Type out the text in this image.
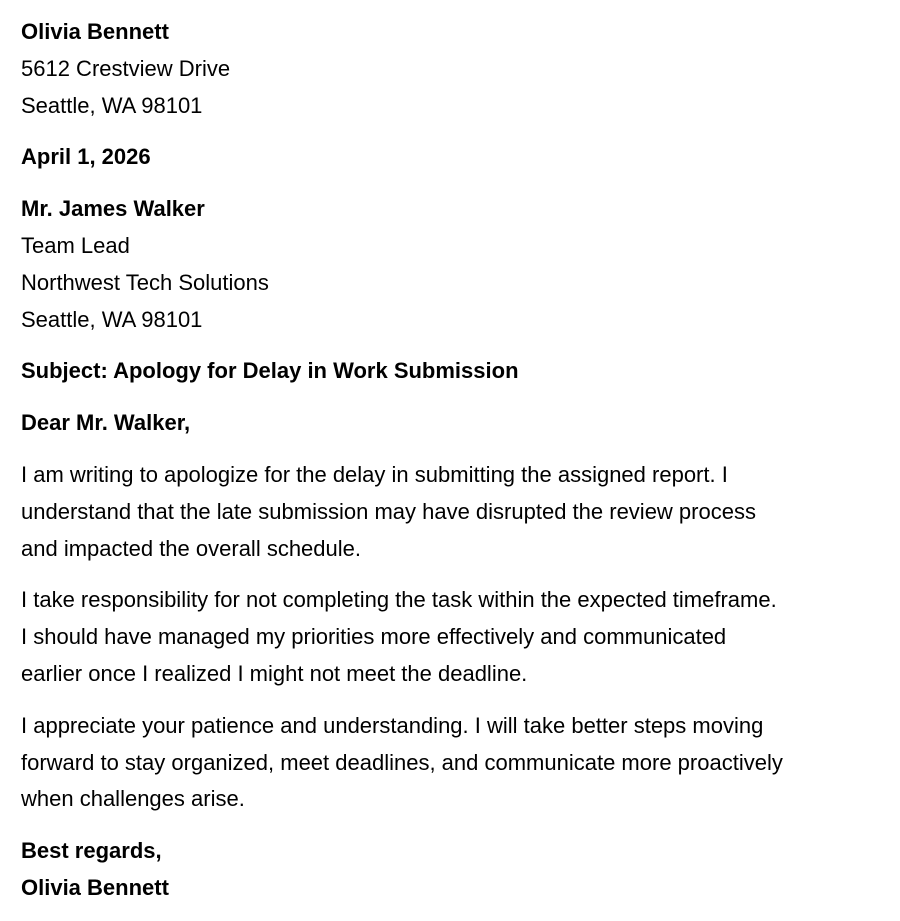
Olivia Bennett
5612 Crestview Drive
Seattle, WA 98101
April 1, 2026
Mr. James Walker
Team Lead
Northwest Tech Solutions
Seattle, WA 98101
Subject: Apology for Delay in Work Submission
Dear Mr. Walker,
I am writing to apologize for the delay in submitting the assigned report. I
understand that the late submission may have disrupted the review process
and impacted the overall schedule.
I take responsibility for not completing the task within the expected timeframe.
I should have managed my priorities more effectively and communicated
earlier once I realized I might not meet the deadline.
I appreciate your patience and understanding. I will take better steps moving
forward to stay organized, meet deadlines, and communicate more proactively
when challenges arise.
Best regards,
Olivia Bennett
